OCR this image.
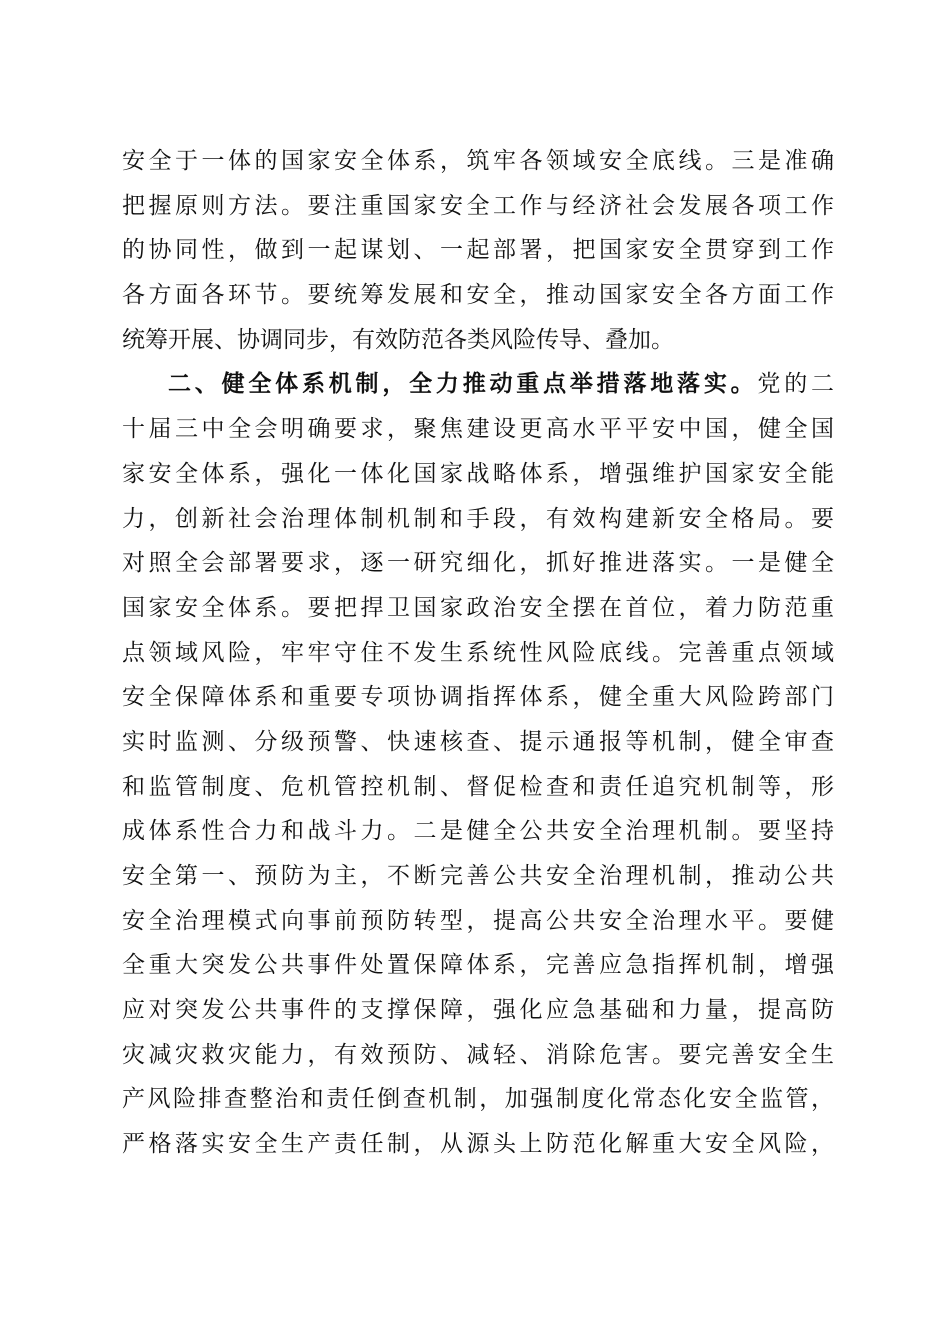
安全于一体的国家安全体系，筑牢各领域安全底线。三是准确
把握原则方法。要注重国家安全工作与经济社会发展各项工作
的协同性，做到一起谋划、一起部署，把国家安全贯穿到工作
各方面各环节。要统筹发展和安全，推动国家安全各方面工作
统筹开展、协调同步，有效防范各类风险传导、叠加。
二、健全体系机制，全力推动重点举措落地落实。党的二
十届三中全会明确要求，聚焦建设更高水平平安中国，健全国
家安全体系，强化一体化国家战略体系，增强维护国家安全能
力，创新社会治理体制机制和手段，有效构建新安全格局。要
对照全会部署要求，逐一研究细化，抓好推进落实。一是健全
国家安全体系。要把捍卫国家政治安全摆在首位，着力防范重
点领域风险，牢牢守住不发生系统性风险底线。完善重点领域
安全保障体系和重要专项协调指挥体系，健全重大风险跨部门
实时监测、分级预警、快速核查、提示通报等机制，健全审查
和监管制度、危机管控机制、督促检查和责任追究机制等，形
成体系性合力和战斗力。二是健全公共安全治理机制。要坚持
安全第一、预防为主，不断完善公共安全治理机制，推动公共
安全治理模式向事前预防转型，提高公共安全治理水平。要健
全重大突发公共事件处置保障体系，完善应急指挥机制，增强
应对突发公共事件的支撑保障，强化应急基础和力量，提高防
灾减灾救灾能力，有效预防、减轻、消除危害。要完善安全生
产风险排查整治和责任倒查机制，加强制度化常态化安全监管，
严格落实安全生产责任制，从源头上防范化解重大安全风险，
